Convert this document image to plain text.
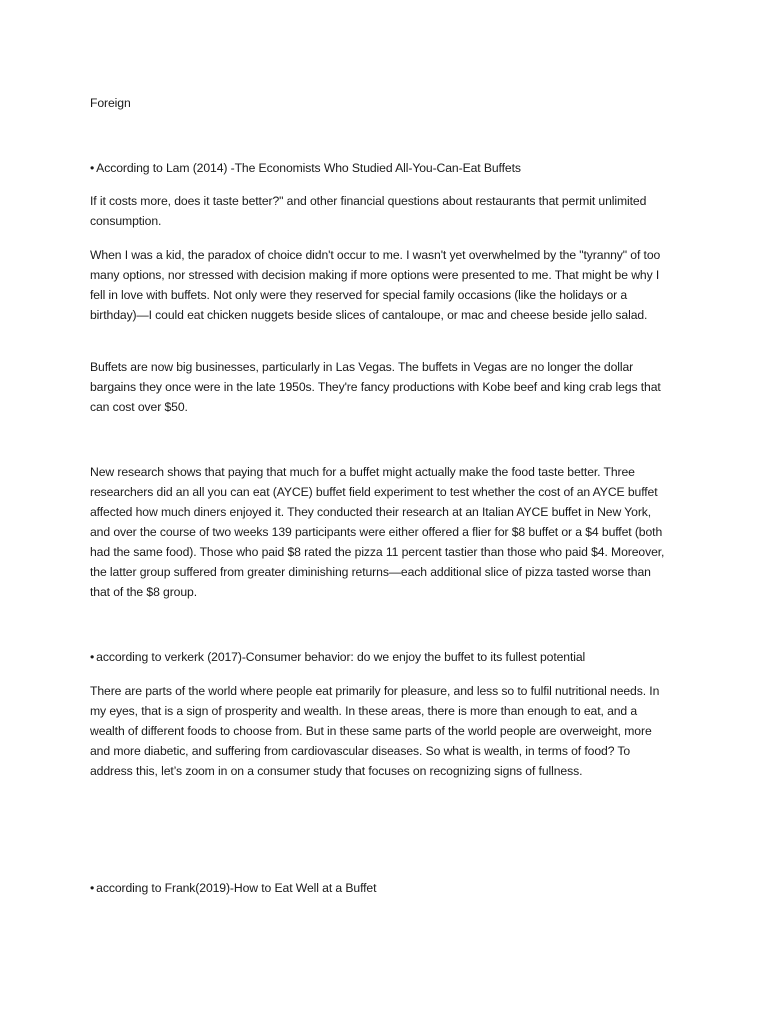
Foreign

• According to Lam (2014) -The Economists Who Studied All-You-Can-Eat Buffets

If it costs more, does it taste better?" and other financial questions about restaurants that permit unlimited consumption.

When I was a kid, the paradox of choice didn't occur to me. I wasn't yet overwhelmed by the "tyranny" of too many options, nor stressed with decision making if more options were presented to me. That might be why I fell in love with buffets. Not only were they reserved for special family occasions (like the holidays or a birthday)—I could eat chicken nuggets beside slices of cantaloupe, or mac and cheese beside jello salad.

Buffets are now big businesses, particularly in Las Vegas. The buffets in Vegas are no longer the dollar bargains they once were in the late 1950s. They're fancy productions with Kobe beef and king crab legs that can cost over $50.

New research shows that paying that much for a buffet might actually make the food taste better. Three researchers did an all you can eat (AYCE) buffet field experiment to test whether the cost of an AYCE buffet affected how much diners enjoyed it. They conducted their research at an Italian AYCE buffet in New York, and over the course of two weeks 139 participants were either offered a flier for $8 buffet or a $4 buffet (both had the same food). Those who paid $8 rated the pizza 11 percent tastier than those who paid $4. Moreover, the latter group suffered from greater diminishing returns—each additional slice of pizza tasted worse than that of the $8 group.

• according to verkerk (2017)-Consumer behavior: do we enjoy the buffet to its fullest potential

There are parts of the world where people eat primarily for pleasure, and less so to fulfil nutritional needs. In my eyes, that is a sign of prosperity and wealth. In these areas, there is more than enough to eat, and a wealth of different foods to choose from. But in these same parts of the world people are overweight, more and more diabetic, and suffering from cardiovascular diseases. So what is wealth, in terms of food? To address this, let’s zoom in on a consumer study that focuses on recognizing signs of fullness.

• according to Frank(2019)-How to Eat Well at a Buffet
